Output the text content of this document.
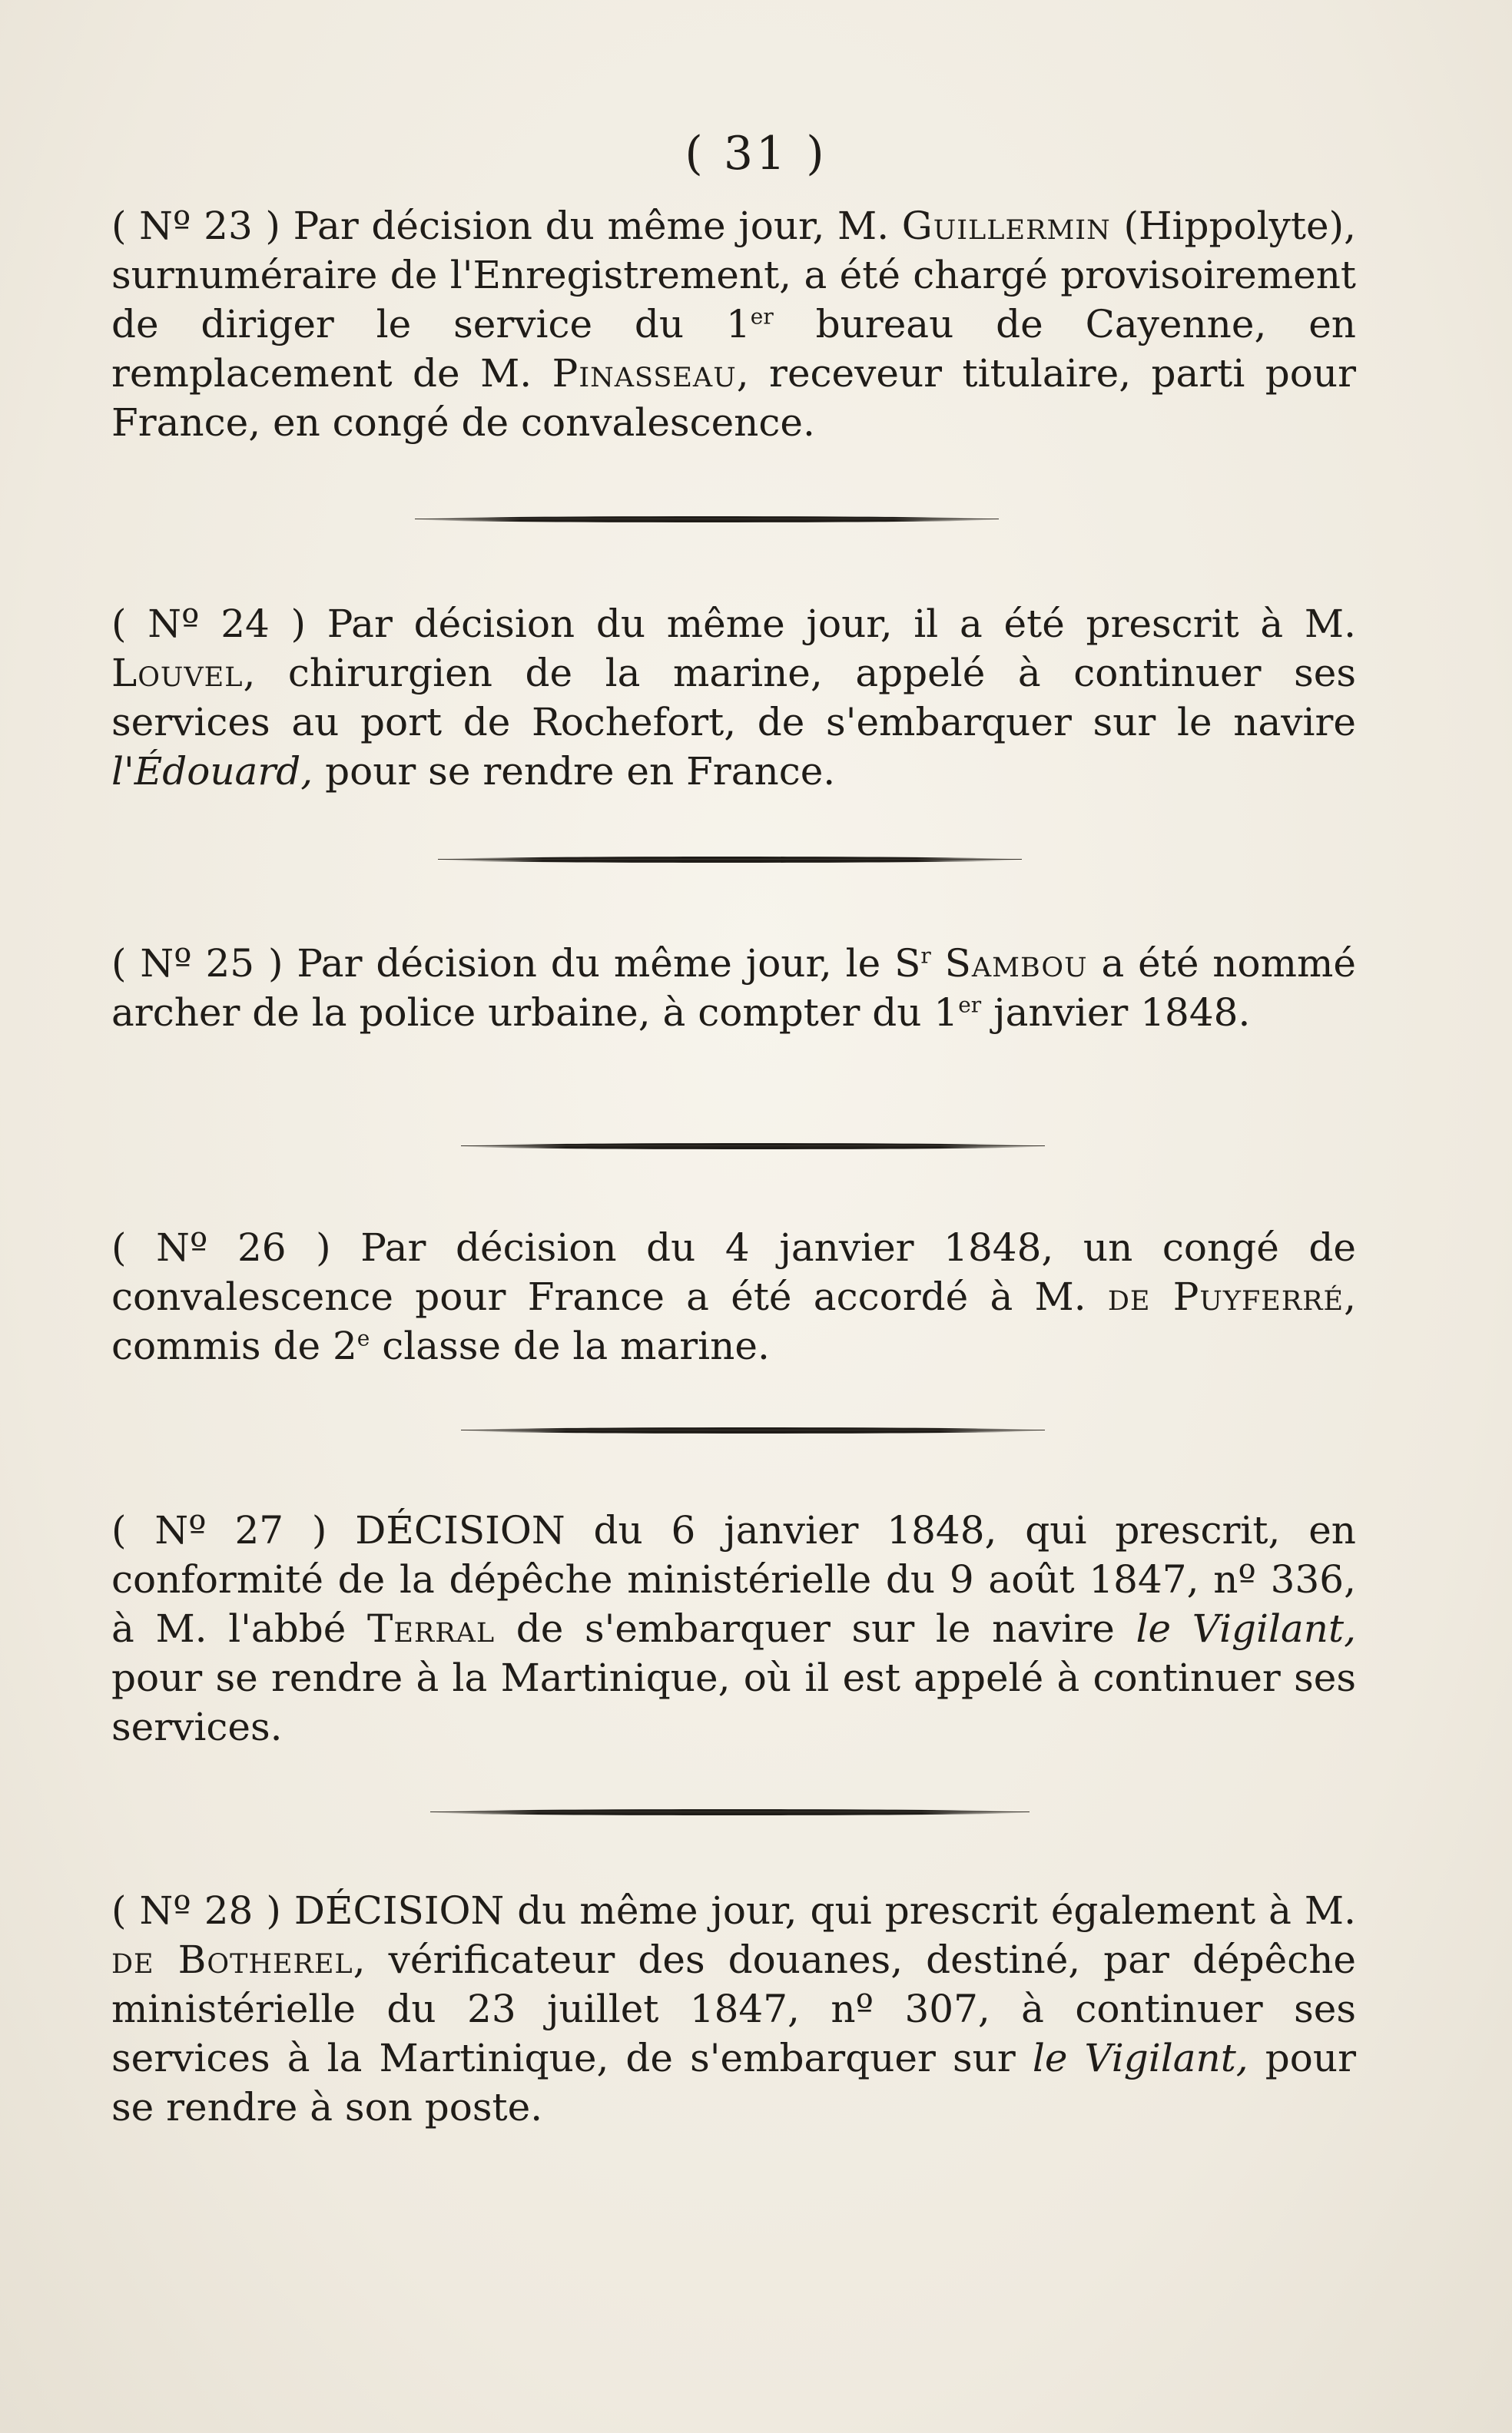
( 31 )
( Nº 23 ) Par décision du même jour, M. Guillermin (Hippolyte), surnuméraire de l'Enregistrement, a été chargé provisoirement de diriger le service du 1er bureau de Cayenne, en remplacement de M. Pinasseau, receveur titulaire, parti pour France, en congé de convalescence.
( Nº 24 ) Par décision du même jour, il a été prescrit à M. Louvel, chirurgien de la marine, appelé à continuer ses services au port de Rochefort, de s'embarquer sur le navire l'Édouard, pour se rendre en France.
( Nº 25 ) Par décision du même jour, le $S^r$ Sambou a été nommé archer de la police urbaine, à compter du 1er janvier 1848.
( Nº 26 ) Par décision du 4 janvier 1848, un congé de convalescence pour France a été accordé à M. de Puyferré, commis de 2e classe de la marine.
( Nº 27 ) DÉCISION du 6 janvier 1848, qui prescrit, en conformité de la dépêche ministérielle du 9 août 1847, nº 336, à M. l'abbé Terral de s'embarquer sur le navire le Vigilant, pour se rendre à la Martinique, où il est appelé à continuer ses services.
( Nº 28 ) DÉCISION du même jour, qui prescrit également à M. de Botherel, vérificateur des douanes, destiné, par dépêche ministérielle du 23 juillet 1847, nº 307, à continuer ses services à la Martinique, de s'embarquer sur le Vigilant, pour se rendre à son poste.
